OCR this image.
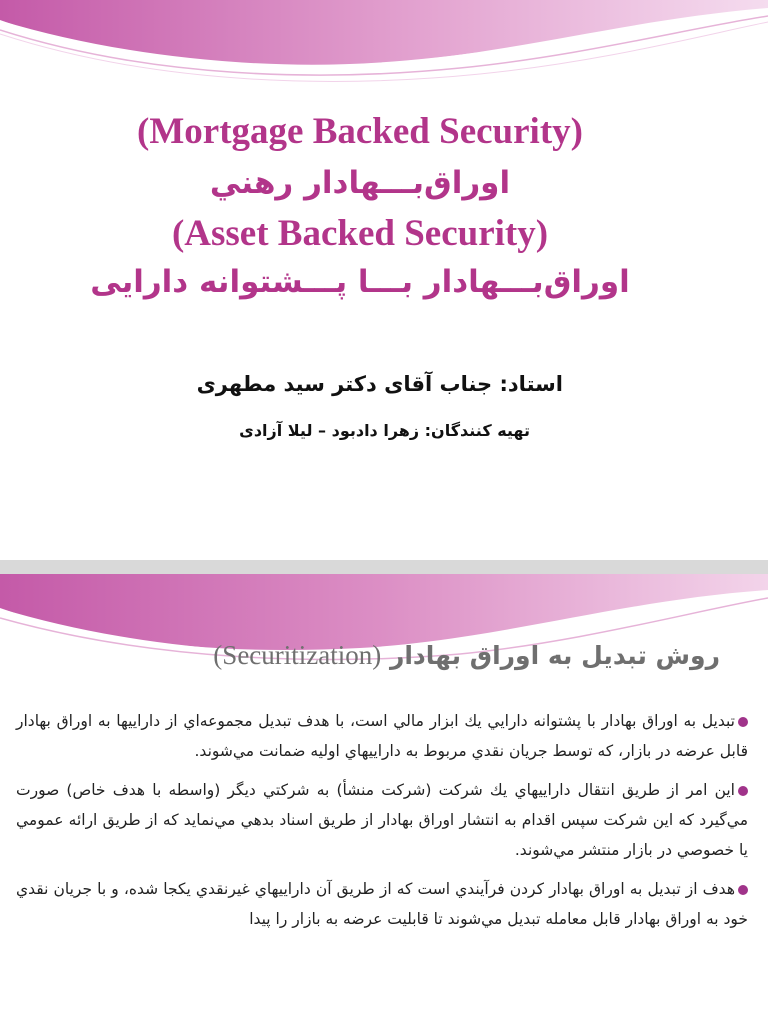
(Mortgage Backed Security)
اوراق‌بـــهادار رهني
(Asset Backed Security)
اوراق‌بـــهادار بـــا پـــشتوانه دارایی
استاد: جناب آقای دکتر سید مطهری
تهیه کنندگان: زهرا دادبود – لیلا آزادی
روش تبدیل به اوراق بهادار (Securitization)

تبديل به اوراق بهادار با پشتوانه دارايي يك ابزار مالي است، با هدف تبديل مجموعه‌اي از داراييها به اوراق بهادار قابل عرضه در بازار، كه توسط جريان نقدي مربوط به داراييهاي اوليه ضمانت مي‌شوند.

اين امر از طريق انتقال داراييهاي يك شركت (شركت منشأ) به شركتي ديگر (واسطه با هدف خاص) صورت مي‌گيرد كه اين شركت سپس اقدام به انتشار اوراق بهادار از طريق اسناد بدهي مي‌نمايد كه از طريق ارائه عمومي يا خصوصي در بازار منتشر مي‌شوند.

هدف از تبديل به اوراق بهادار كردن فرآيندي است كه از طريق آن داراييهاي غيرنقدي يكجا شده، و با جريان نقدي خود به اوراق بهادار قابل معامله تبديل مي‌شوند تا قابليت عرضه به بازار را پيدا
